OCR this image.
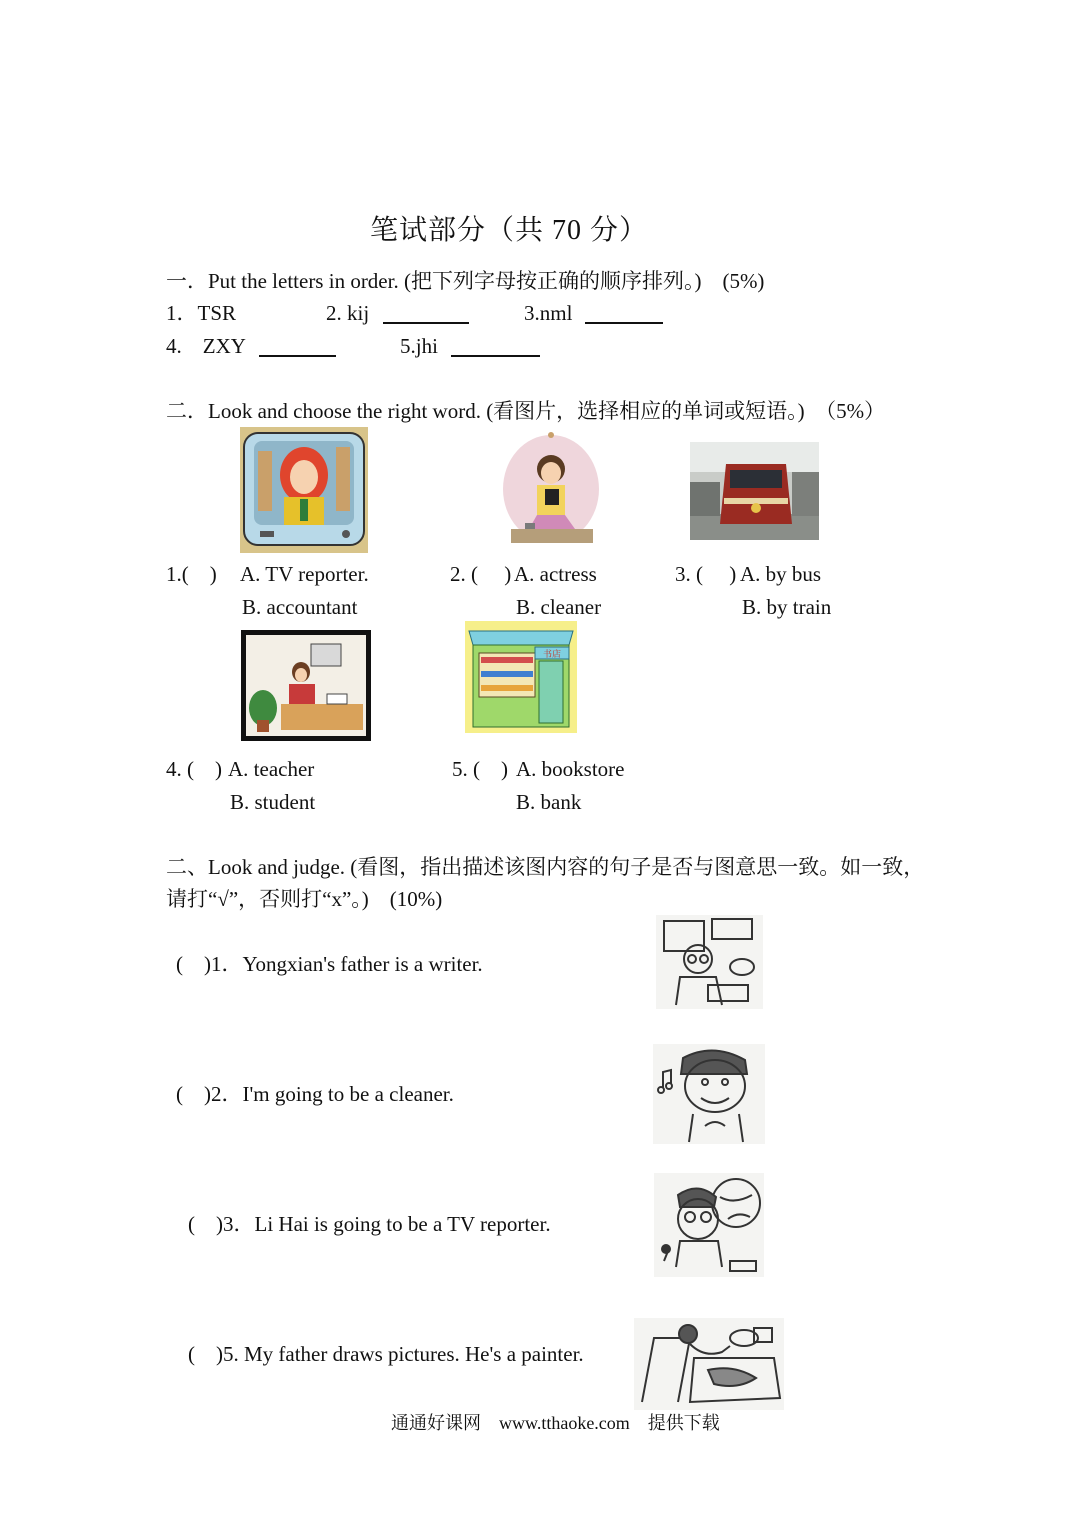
笔试部分（共 70 分）
一．Put the letters in order. (把下列字母按正确的顺序排列。)　(5%)
1．TSR	2. kij	3.nml
4.　ZXY	5.jhi
二．Look and choose the right word. (看图片，选择相应的单词或短语。)　（5%）
1.(　) A. TV reporter.
B. accountant
2. (　 ) A. actress
B. cleaner
3. (　 ) A. by bus
B. by train
书店
4. (　) A. teacher
B. student
5. (　) A. bookstore
B. bank
二、Look and judge. (看图，指出描述该图内容的句子是否与图意思一致。如一致，
请打“√”，否则打“x”。)　(10%)
(　)1．Yongxian's father is a writer.
(　)2．I'm going to be a cleaner.
(　)3．Li Hai is going to be a TV reporter.
(　)5. My father draws pictures. He's a painter.
通通好课网　www.tthaoke.com　提供下载
